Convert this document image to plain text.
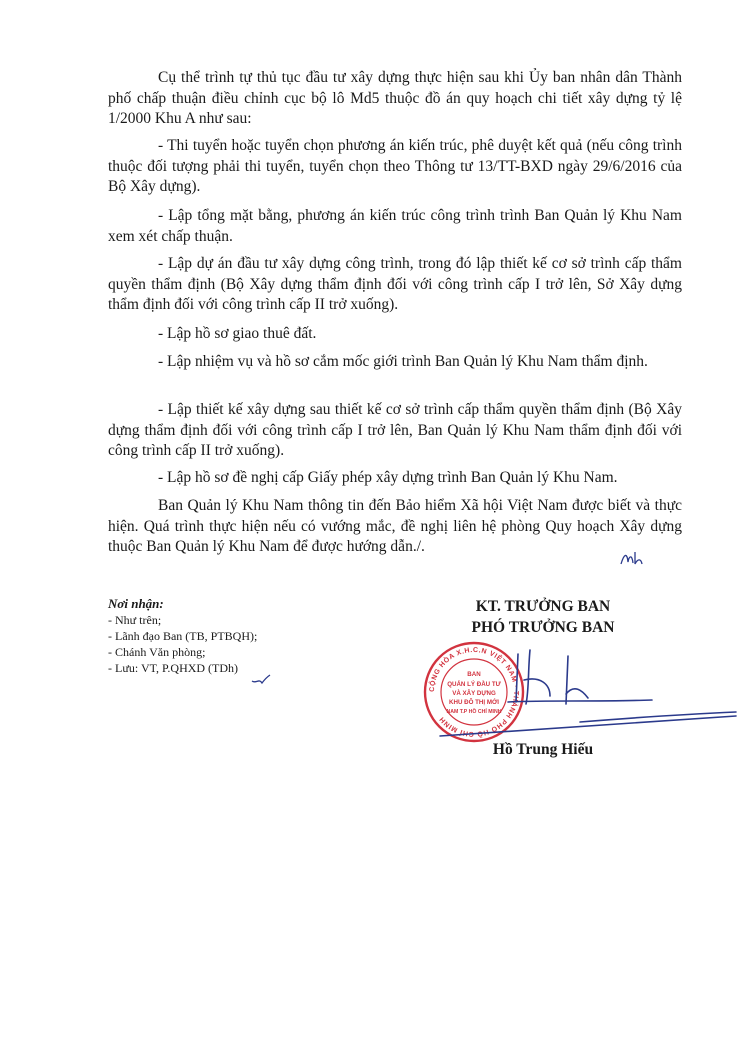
Cụ thể trình tự thủ tục đầu tư xây dựng thực hiện sau khi Ủy ban nhân dân Thành phố chấp thuận điều chỉnh cục bộ lô Md5 thuộc đồ án quy hoạch chi tiết xây dựng tỷ lệ 1/2000 Khu A như sau:

- Thi tuyển hoặc tuyển chọn phương án kiến trúc, phê duyệt kết quả (nếu công trình thuộc đối tượng phải thi tuyển, tuyển chọn theo Thông tư 13/TT-BXD ngày 29/6/2016 của Bộ Xây dựng).

- Lập tổng mặt bằng, phương án kiến trúc công trình trình Ban Quản lý Khu Nam xem xét chấp thuận.

- Lập dự án đầu tư xây dựng công trình, trong đó lập thiết kế cơ sở trình cấp thẩm quyền thẩm định (Bộ Xây dựng thẩm định đối với công trình cấp I trở lên, Sở Xây dựng thẩm định đối với công trình cấp II trở xuống).

- Lập hồ sơ giao thuê đất.

- Lập nhiệm vụ và hồ sơ cắm mốc giới trình Ban Quản lý Khu Nam thẩm định.

- Lập thiết kế xây dựng sau thiết kế cơ sở trình cấp thẩm quyền thẩm định (Bộ Xây dựng thẩm định đối với công trình cấp I trở lên, Ban Quản lý Khu Nam thẩm định đối với công trình cấp II trở xuống).

- Lập hồ sơ đề nghị cấp Giấy phép xây dựng trình Ban Quản lý Khu Nam.

Ban Quản lý Khu Nam thông tin đến Bảo hiểm Xã hội Việt Nam được biết và thực hiện. Quá trình thực hiện nếu có vướng mắc, đề nghị liên hệ phòng Quy hoạch Xây dựng thuộc Ban Quản lý Khu Nam để được hướng dẫn./.

Nơi nhận:
- Như trên;
- Lãnh đạo Ban (TB, PTBQH);
- Chánh Văn phòng;
- Lưu: VT, P.QHXD (TDh)
KT. TRƯỞNG BAN
PHÓ TRƯỞNG BAN
CỘNG HÒA X.H.C.N VIỆT NAM · THÀNH PHỐ HỒ CHÍ MINH
BAN
QUẢN LÝ ĐẦU TƯ
VÀ XÂY DỰNG
KHU ĐÔ THỊ MỚI
NAM T.P HỒ CHÍ MINH
Hồ Trung Hiếu
